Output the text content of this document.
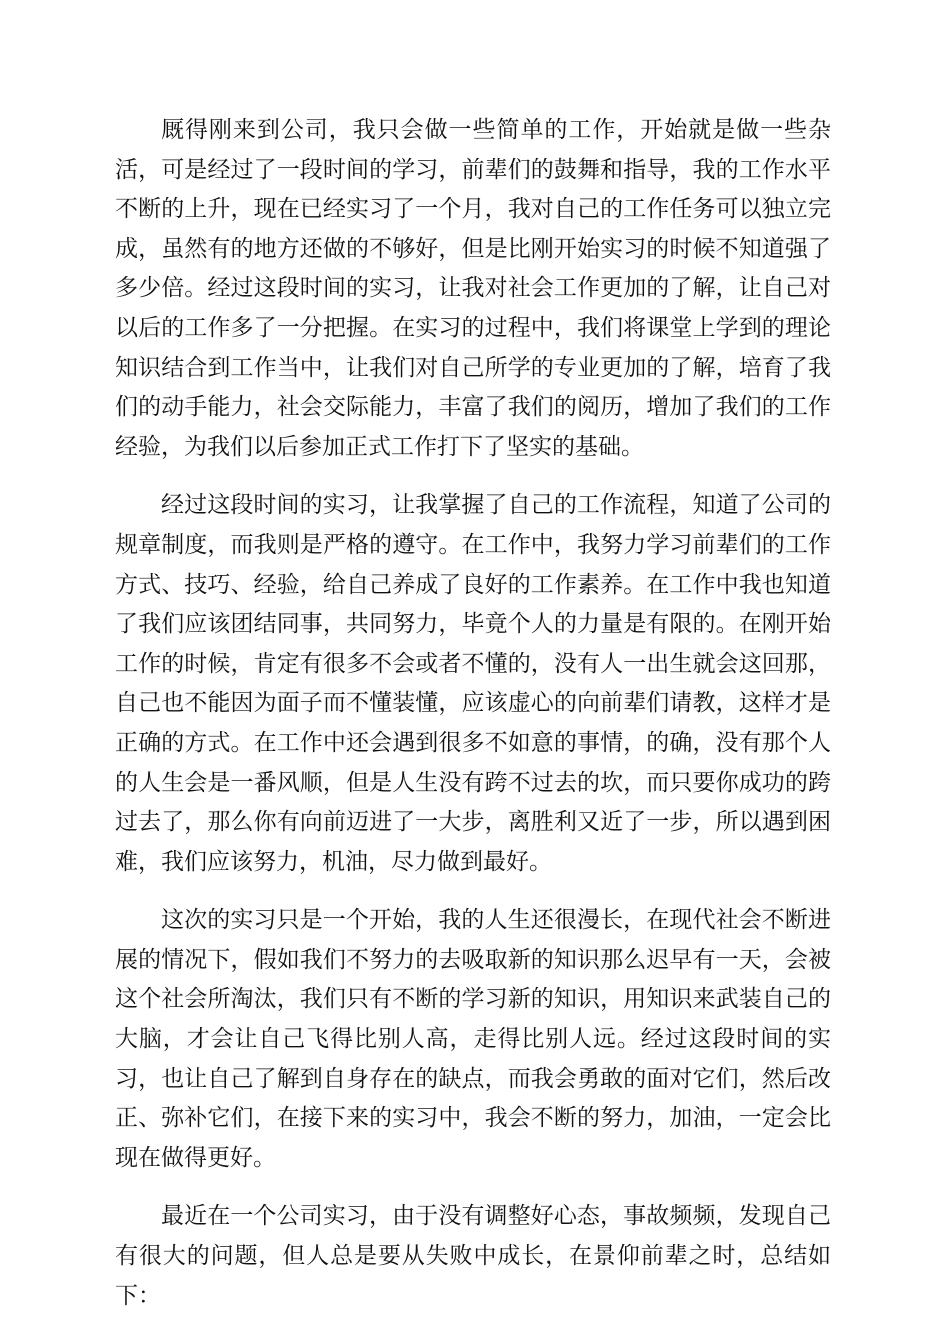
厩得刚来到公司，我只会做一些简单的工作，开始就是做一些杂活，可是经过了一段时间的学习，前辈们的鼓舞和指导，我的工作水平不断的上升，现在已经实习了一个月，我对自己的工作任务可以独立完成，虽然有的地方还做的不够好，但是比刚开始实习的时候不知道强了多少倍。经过这段时间的实习，让我对社会工作更加的了解，让自己对以后的工作多了一分把握。在实习的过程中，我们将课堂上学到的理论知识结合到工作当中，让我们对自己所学的专业更加的了解，培育了我们的动手能力，社会交际能力，丰富了我们的阅历，增加了我们的工作经验，为我们以后参加正式工作打下了坚实的基础。

经过这段时间的实习，让我掌握了自己的工作流程，知道了公司的规章制度，而我则是严格的遵守。在工作中，我努力学习前辈们的工作方式、技巧、经验，给自己养成了良好的工作素养。在工作中我也知道了我们应该团结同事，共同努力，毕竟个人的力量是有限的。在刚开始工作的时候，肯定有很多不会或者不懂的，没有人一出生就会这回那，自己也不能因为面子而不懂装懂，应该虚心的向前辈们请教，这样才是正确的方式。在工作中还会遇到很多不如意的事情，的确，没有那个人的人生会是一番风顺，但是人生没有跨不过去的坎，而只要你成功的跨过去了，那么你有向前迈进了一大步，离胜利又近了一步，所以遇到困难，我们应该努力，机油，尽力做到最好。

这次的实习只是一个开始，我的人生还很漫长，在现代社会不断进展的情况下，假如我们不努力的去吸取新的知识那么迟早有一天，会被这个社会所淘汰，我们只有不断的学习新的知识，用知识来武装自己的大脑，才会让自己飞得比别人高，走得比别人远。经过这段时间的实习，也让自己了解到自身存在的缺点，而我会勇敢的面对它们，然后改正、弥补它们，在接下来的实习中，我会不断的努力，加油，一定会比现在做得更好。

最近在一个公司实习，由于没有调整好心态，事故频频，发现自己有很大的问题，但人总是要从失败中成长，在景仰前辈之时，总结如下：
